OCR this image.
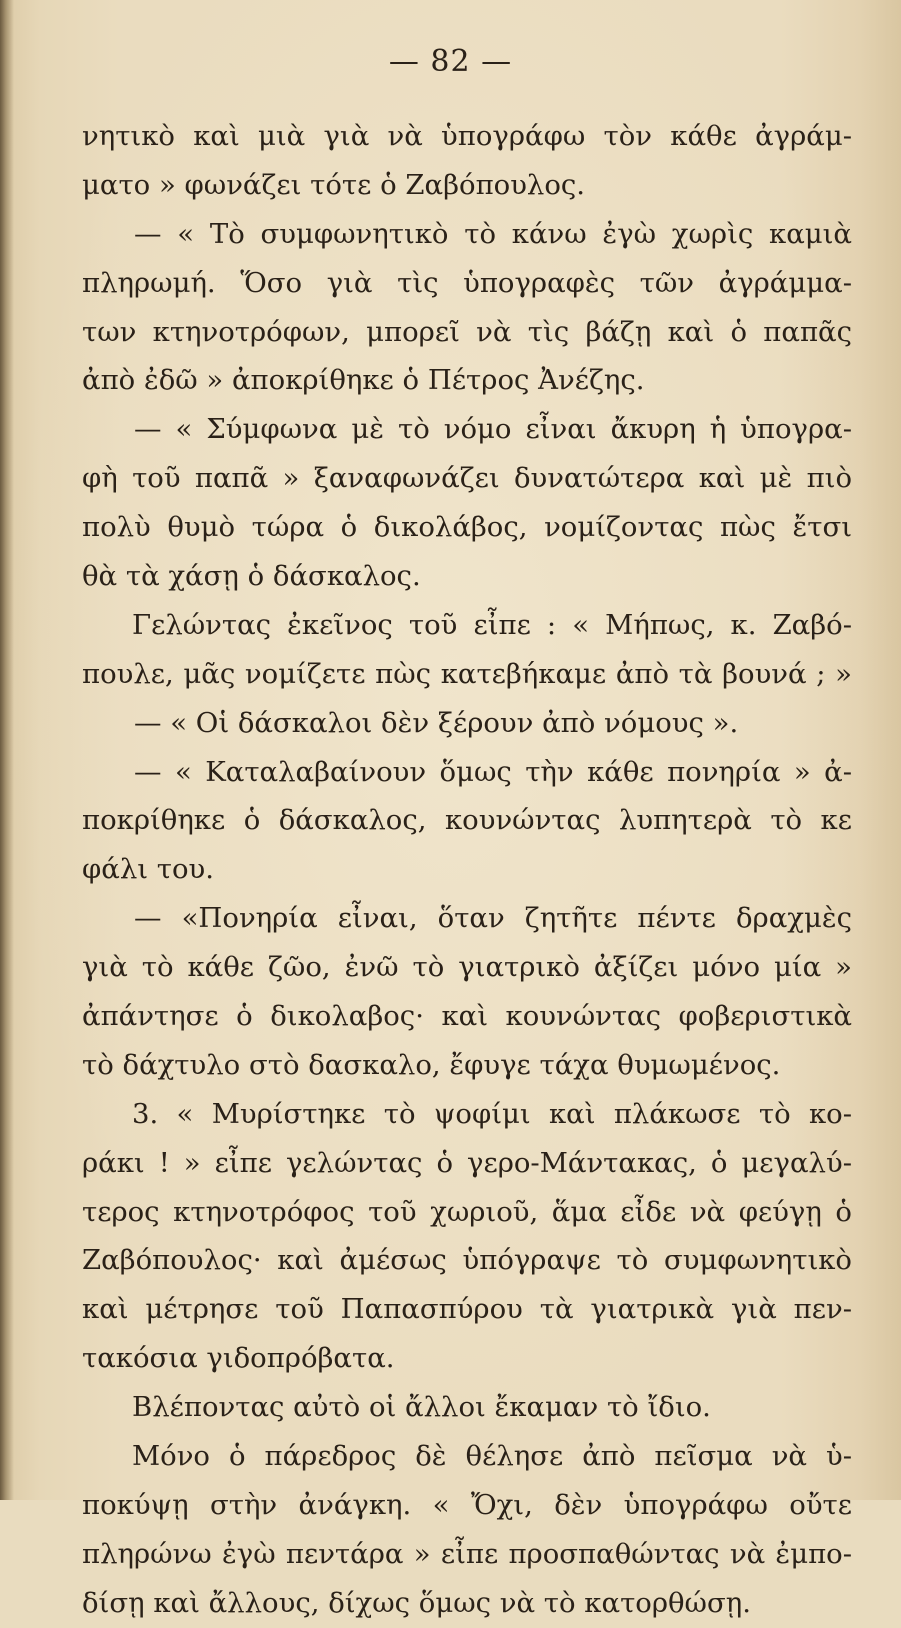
— 82 —
νητικὸ καὶ μιὰ γιὰ νὰ ὑπογράφω τὸν κάθε ἀγράμ-
ματο » φωνάζει τότε ὁ Ζαβόπουλος.
— « Τὸ συμφωνητικὸ τὸ κάνω ἐγὼ χωρὶς καμιὰ
πληρωμή. Ὅσο γιὰ τὶς ὑπογραφὲς τῶν ἀγράμμα-
των κτηνοτρόφων, μπορεῖ νὰ τὶς βάζῃ καὶ ὁ παπᾶς
ἀπὸ ἐδῶ » ἀποκρίθηκε ὁ Πέτρος Ἀνέζης.
— « Σύμφωνα μὲ τὸ νόμο εἶναι ἄκυρη ἡ ὑπογρα-
φὴ τοῦ παπᾶ » ξαναφωνάζει δυνατώτερα καὶ μὲ πιὸ
πολὺ θυμὸ τώρα ὁ δικολάβος, νομίζοντας πὼς ἔτσι
θὰ τὰ χάσῃ ὁ δάσκαλος.
Γελώντας ἐκεῖνος τοῦ εἶπε : « Μήπως, κ. Ζαβό-
πουλε, μᾶς νομίζετε πὼς κατεβήκαμε ἀπὸ τὰ βουνά ; »
— « Οἱ δάσκαλοι δὲν ξέρουν ἀπὸ νόμους ».
— « Καταλαβαίνουν ὅμως τὴν κάθε πονηρία » ἀ-
ποκρίθηκε ὁ δάσκαλος, κουνώντας λυπητερὰ τὸ κε
φάλι του.
— «Πονηρία εἶναι, ὅταν ζητῆτε πέντε δραχμὲς
γιὰ τὸ κάθε ζῶο, ἐνῶ τὸ γιατρικὸ ἀξίζει μόνο μία »
ἀπάντησε ὁ δικολαβος· καὶ κουνώντας φοβεριστικὰ
τὸ δάχτυλο στὸ δασκαλο, ἔφυγε τάχα θυμωμένος.
3. « Μυρίστηκε τὸ ψοφίμι καὶ πλάκωσε τὸ κο-
ράκι ! » εἶπε γελώντας ὁ γερο-Μάντακας, ὁ μεγαλύ-
τερος κτηνοτρόφος τοῦ χωριοῦ, ἅμα εἶδε νὰ φεύγῃ ὁ
Ζαβόπουλος· καὶ ἀμέσως ὑπόγραψε τὸ συμφωνητικὸ
καὶ μέτρησε τοῦ Παπασπύρου τὰ γιατρικὰ γιὰ πεν-
τακόσια γιδοπρόβατα.
Βλέποντας αὐτὸ οἱ ἄλλοι ἔκαμαν τὸ ἴδιο.
Μόνο ὁ πάρεδρος δὲ θέλησε ἀπὸ πεῖσμα νὰ ὑ-
ποκύψῃ στὴν ἀνάγκη. « Ὄχι, δὲν ὑπογράφω οὔτε
πληρώνω ἐγὼ πεντάρα » εἶπε προσπαθώντας νὰ ἐμπο-
δίσῃ καὶ ἄλλους, δίχως ὅμως νὰ τὸ κατορθώσῃ.
